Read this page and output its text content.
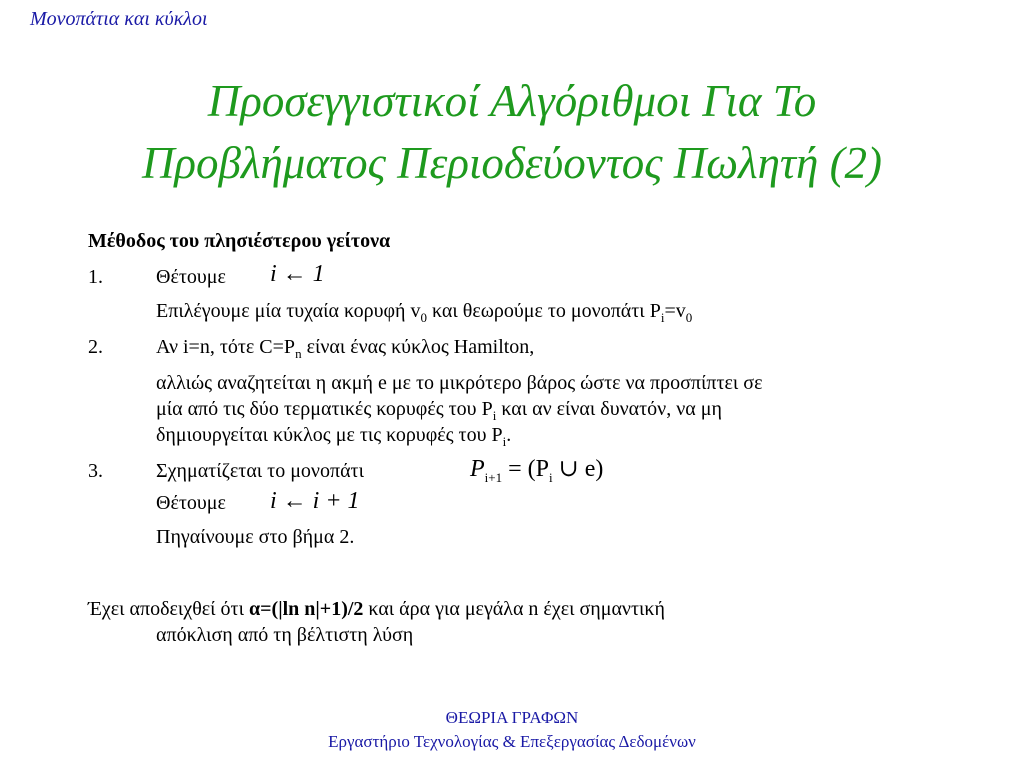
Μονοπάτια και κύκλοι
Προσεγγιστικοί Αλγόριθμοι Για Το
Προβλήματος Περιοδεύοντος Πωλητή (2)
Μέθοδος του πλησιέστερου γείτονα
1.	Θέτουμε i ← 1
Επιλέγουμε μία τυχαία κορυφή $v_0$ και θεωρούμε το μονοπάτι $P_i=v_0$
2.	Αν i=n, τότε $C=P_n$ είναι ένας κύκλος Hamilton,
αλλιώς αναζητείται η ακμή e με το μικρότερο βάρος ώστε να προσπίπτει σε
μία από τις δύο τερματικές κορυφές του $P_i$ και αν είναι δυνατόν, να μη
δημιουργείται κύκλος με τις κορυφές του $P_i$.
3.	Σχηματίζεται το μονοπάτι	$P_{i+1} = (P_i$ ∪ e)
Θέτουμε i ← i + 1
Πηγαίνουμε στο βήμα 2.
Έχει αποδειχθεί ότι α=(|ln n|+1)/2 και άρα για μεγάλα n έχει σημαντική
απόκλιση από τη βέλτιστη λύση
ΘΕΩΡΙΑ ΓΡΑΦΩΝ
Εργαστήριο Τεχνολογίας & Επεξεργασίας Δεδομένων
